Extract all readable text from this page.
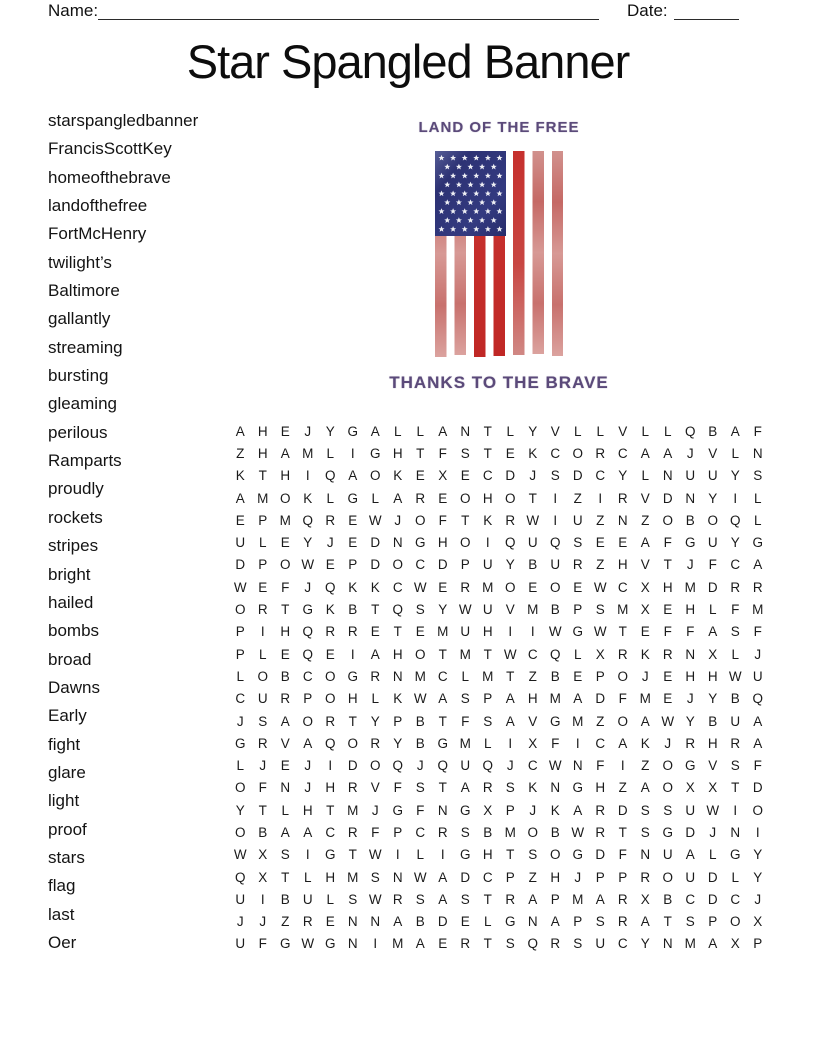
Name:	Date:
Star Spangled Banner
starspangledbanner
FrancisScottKey
homeofthebrave
landofthefree
FortMcHenry
twilight’s
Baltimore
gallantly
streaming
bursting
gleaming
perilous
Ramparts
proudly
rockets
stripes
bright
hailed
bombs
broad
Dawns
Early
fight
glare
light
proof
stars
flag
last
Oer
LAND OF THE FREE
THANKS TO THE BRAVE
A H E	J	Y G A	L	L	A N	T	L	Y V	L	L	V	L	L Q B A	F
Z	H A M L	I	G H	T	F	S	T	E K C O R C A A	J	V	L	N
K	T	H	I	Q A O K E X E C D	J	S D C Y	L	N U U Y S
A M O K	L G L	A R E O H O T	I	Z	I	R V D N Y	I	L
E P M Q R E W J	O F	T	K R W	I	U	Z	N	Z O B O Q L
U	L	E Y	J	E D N G H O	I	Q U Q S E E A	F G U Y G
D P O W E P D O C D P U Y B U R	Z	H V	T	J	F	C A
W E	F	J	Q K K C W E R M O E O E W C X H M D R R
O R	T G K B	T Q S Y W U V M B P S M X E H	L	F M
P	I	H Q R R E	T	E M U H	I	I	W G W T	E	F	F	A S	F
P	L	E Q E	I	A H O T M T W C Q L	X R K R N X	L	J
L O B C O G R N M C	L M T	Z	B E P O	J	E H H W U
C U R P O H	L	K W A S P A H M A D	F M E	J	Y B Q
J	S A O R	T	Y P B	T	F	S A V G M Z O A W Y B U A
G R V A Q O R Y B G M L	I	X	F	I	C A K	J	R H R A
L	J	E	J	I	D O Q	J	Q U Q	J	C W N	F	I	Z O G V S	F
O F	N	J	H R V	F	S	T	A R S K N G H	Z	A O X X	T	D
Y	T	L	H	T M	J	G F	N G X P	J	K A R D S S U W	I	O
O B A A C R	F	P C R S B M O B W R	T	S G D	J	N	I
W X S	I	G T W	I	L	I	G H	T	S O G D	F	N U A	L G Y
Q X	T	L	H M S N W A D C P	Z	H	J	P P R O U D	L	Y
U	I	B U	L	S W R S A S	T	R A P M A R X B C D C	J
J	J	Z	R E N N A B D E	L G N A P S R A	T	S P O X
U	F G W G N	I	M A E R	T	S Q R S U C Y N M A X P
